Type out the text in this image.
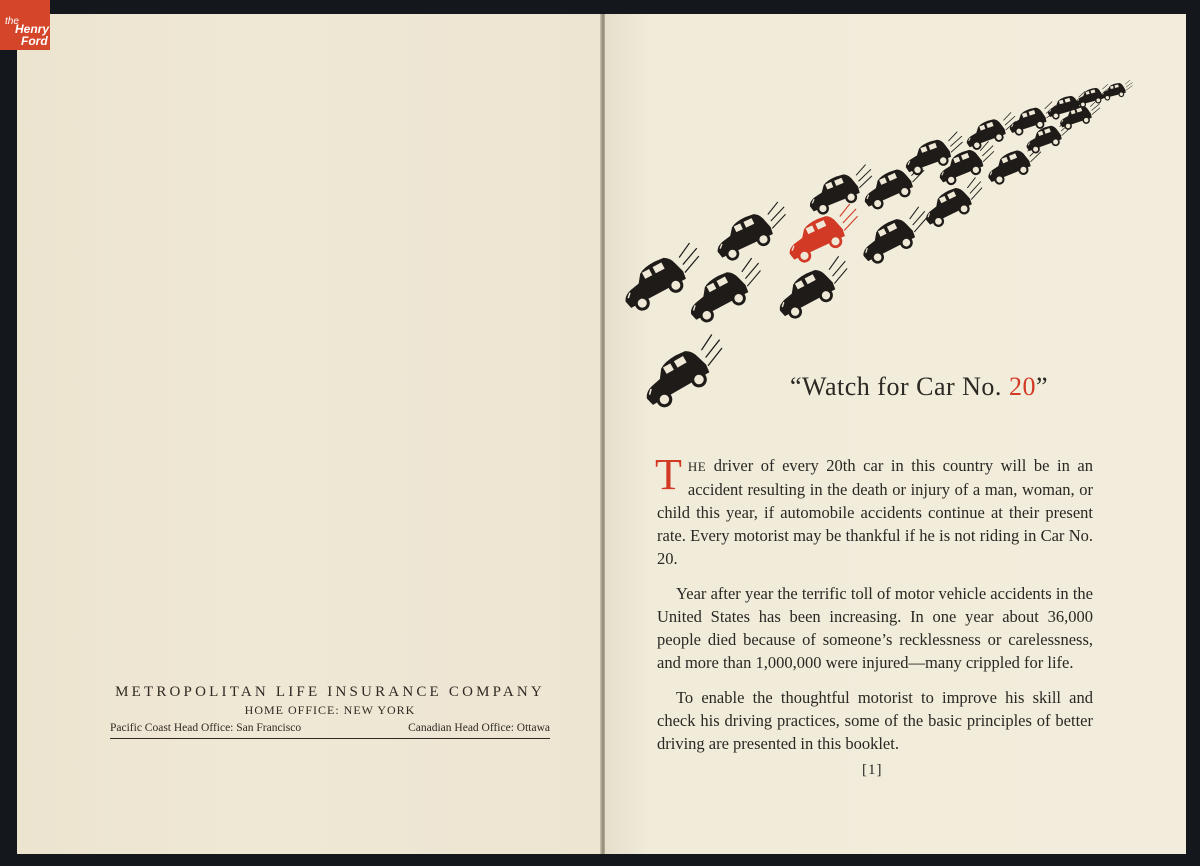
the
Henry
Ford
METROPOLITAN LIFE INSURANCE COMPANY
HOME OFFICE: NEW YORK
Pacific Coast Head Office: San Francisco	Canadian Head Office: Ottawa
“Watch for Car No. 20”

THE driver of every 20th car in this country will be in an accident resulting in the death or injury of a man, woman, or child this year, if automobile accidents continue at their present rate. Every motorist may be thankful if he is not riding in Car No. 20.

Year after year the terrific toll of motor vehicle accidents in the United States has been increasing. In one year about 36,000 people died because of someone’s recklessness or carelessness, and more than 1,000,000 were injured—many crippled for life.

To enable the thoughtful motorist to improve his skill and check his driving practices, some of the basic principles of better driving are presented in this booklet.

[1]
